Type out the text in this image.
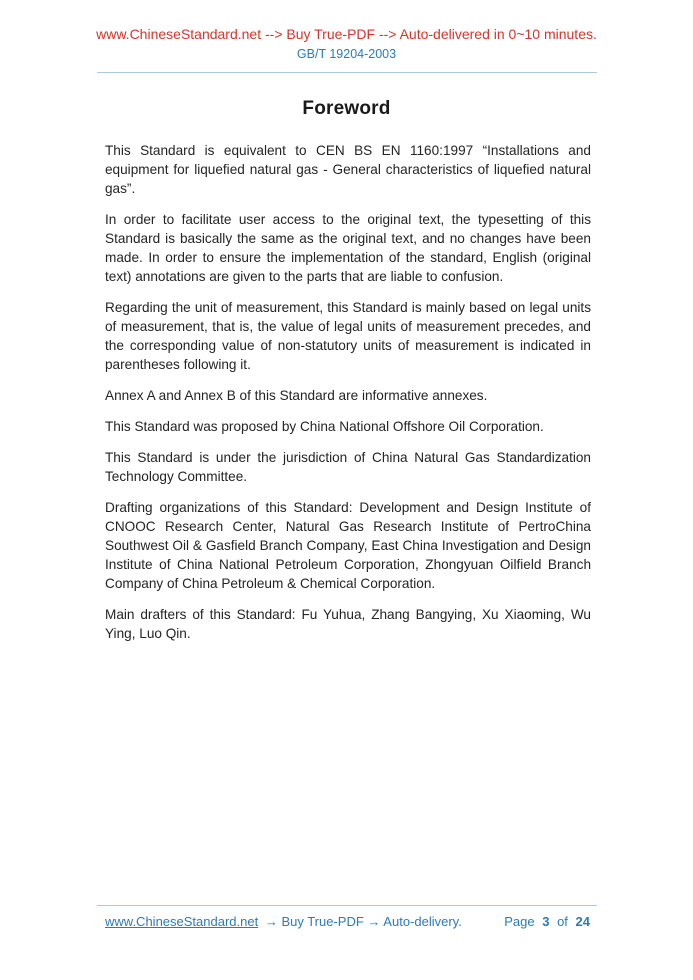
www.ChineseStandard.net --> Buy True-PDF --> Auto-delivered in 0~10 minutes.
GB/T 19204-2003
Foreword

This Standard is equivalent to CEN BS EN 1160:1997 “Installations and equipment for liquefied natural gas - General characteristics of liquefied natural gas”.

In order to facilitate user access to the original text, the typesetting of this Standard is basically the same as the original text, and no changes have been made. In order to ensure the implementation of the standard, English (original text) annotations are given to the parts that are liable to confusion.

Regarding the unit of measurement, this Standard is mainly based on legal units of measurement, that is, the value of legal units of measurement precedes, and the corresponding value of non-statutory units of measurement is indicated in parentheses following it.

Annex A and Annex B of this Standard are informative annexes.

This Standard was proposed by China National Offshore Oil Corporation.

This Standard is under the jurisdiction of China Natural Gas Standardization Technology Committee.

Drafting organizations of this Standard: Development and Design Institute of CNOOC Research Center, Natural Gas Research Institute of PertroChina Southwest Oil & Gasfield Branch Company, East China Investigation and Design Institute of China National Petroleum Corporation, Zhongyuan Oilfield Branch Company of China Petroleum & Chemical Corporation.

Main drafters of this Standard: Fu Yuhua, Zhang Bangying, Xu Xiaoming, Wu Ying, Luo Qin.

www.ChineseStandard.net → Buy True-PDF → Auto-delivery.	Page 3 of 24
